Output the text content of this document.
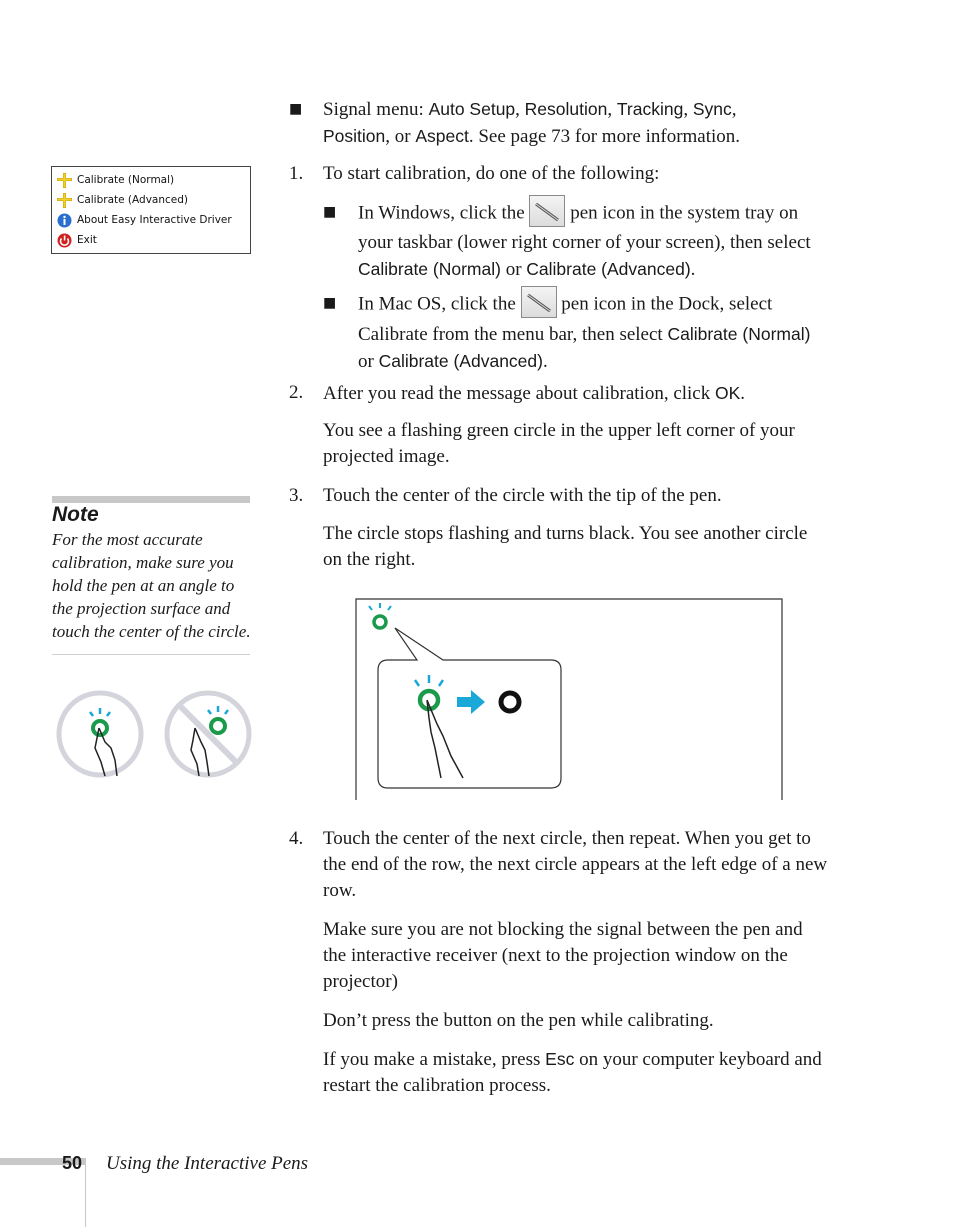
■ Signal menu: Auto Setup, Resolution, Tracking, Sync,
Position, or Aspect. See page 73 for more information.
Calibrate (Normal)
Calibrate (Advanced)
About Easy Interactive Driver
Exit
1. To start calibration, do one of the following:
■ In Windows, click the  pen icon in the system tray on
your taskbar (lower right corner of your screen), then select
Calibrate (Normal) or Calibrate (Advanced).
■ In Mac OS, click the  pen icon in the Dock, select
Calibrate from the menu bar, then select Calibrate (Normal)
or Calibrate (Advanced).
2. After you read the message about calibration, click OK.
You see a flashing green circle in the upper left corner of your
projected image.
Note
For the most accurate calibration, make sure you hold the pen at an angle to the projection surface and touch the center of the circle.
3. Touch the center of the circle with the tip of the pen.
The circle stops flashing and turns black. You see another circle
on the right.
4. Touch the center of the next circle, then repeat. When you get to
the end of the row, the next circle appears at the left edge of a new
row.
Make sure you are not blocking the signal between the pen and
the interactive receiver (next to the projection window on the
projector)
Don’t press the button on the pen while calibrating.
If you make a mistake, press Esc on your computer keyboard and
restart the calibration process.
50 Using the Interactive Pens
